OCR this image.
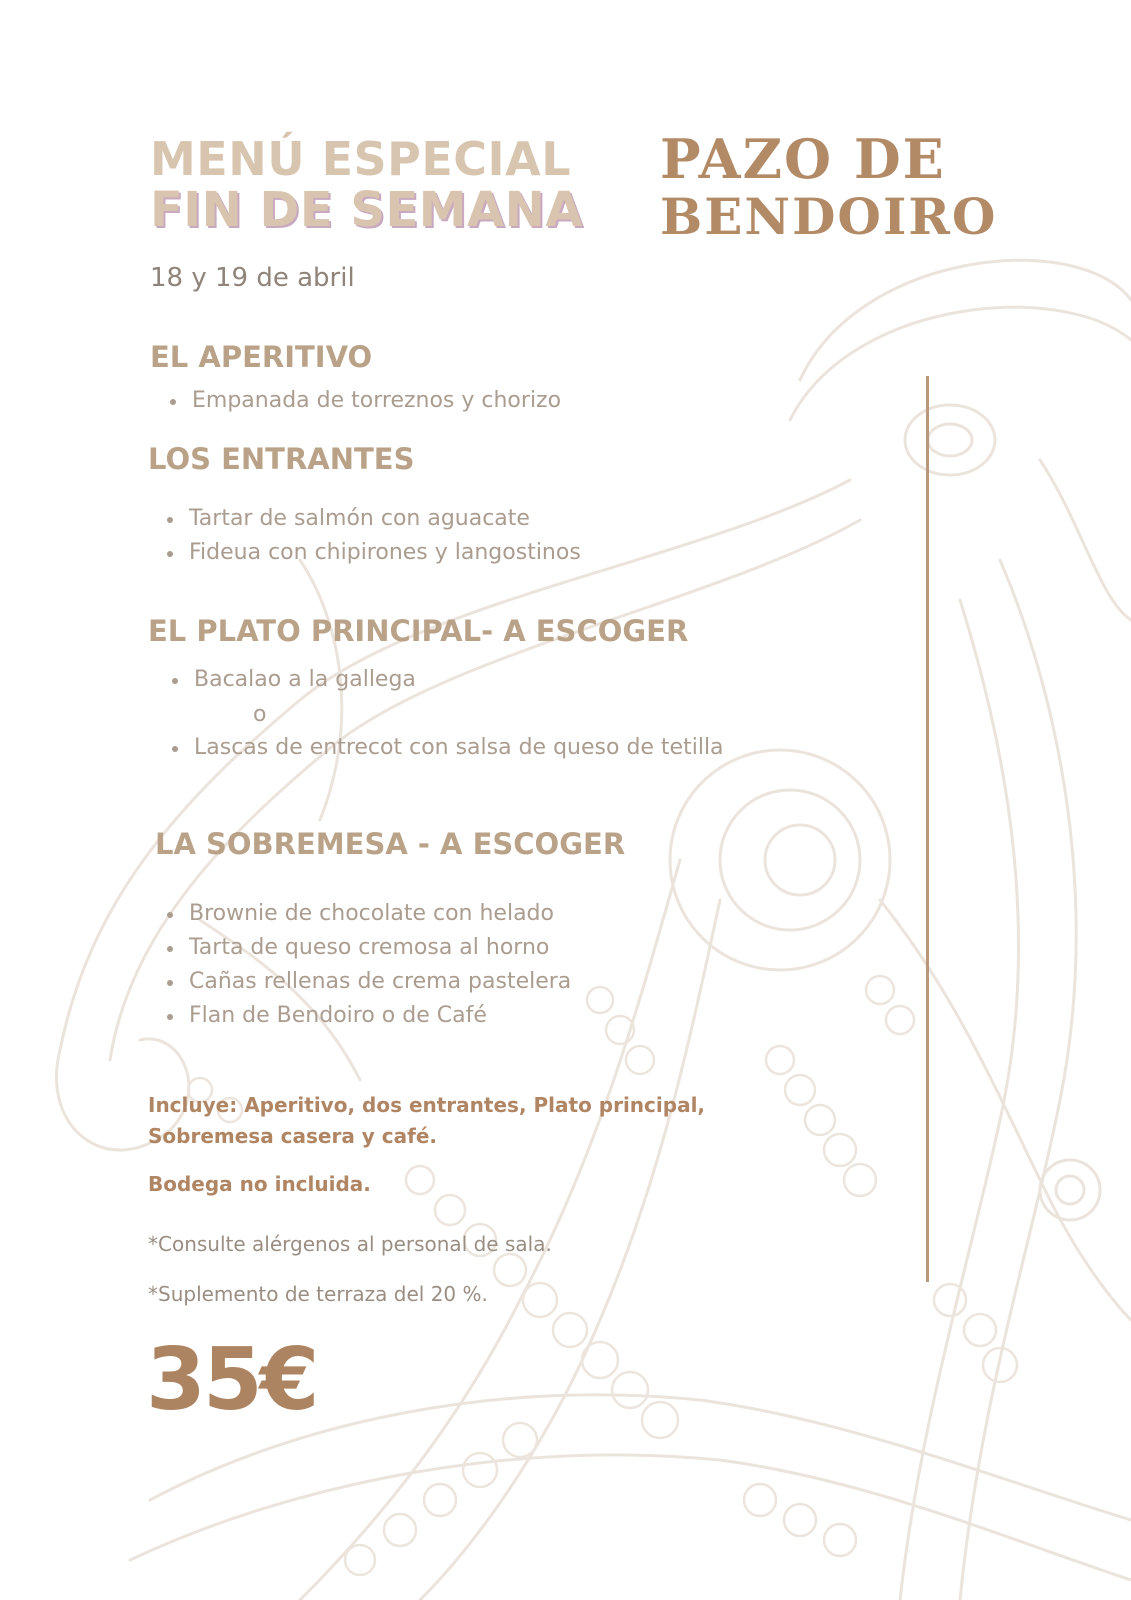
MENÚ ESPECIAL
FIN DE SEMANA
PAZO DE
BENDOIRO
18 y 19 de abril
EL APERITIVO
Empanada de torreznos y chorizo
LOS ENTRANTES
Tartar de salmón con aguacate
Fideua con chipirones y langostinos
EL PLATO PRINCIPAL- A ESCOGER
Bacalao a la gallega
o
Lascas de entrecot con salsa de queso de tetilla
LA SOBREMESA - A ESCOGER
Brownie de chocolate con helado
Tarta de queso cremosa al horno
Cañas rellenas de crema pastelera
Flan de Bendoiro o de Café
Incluye: Aperitivo, dos entrantes, Plato principal,
Sobremesa casera y café.
Bodega no incluida.
*Consulte alérgenos al personal de sala.
*Suplemento de terraza del 20 %.
35€
